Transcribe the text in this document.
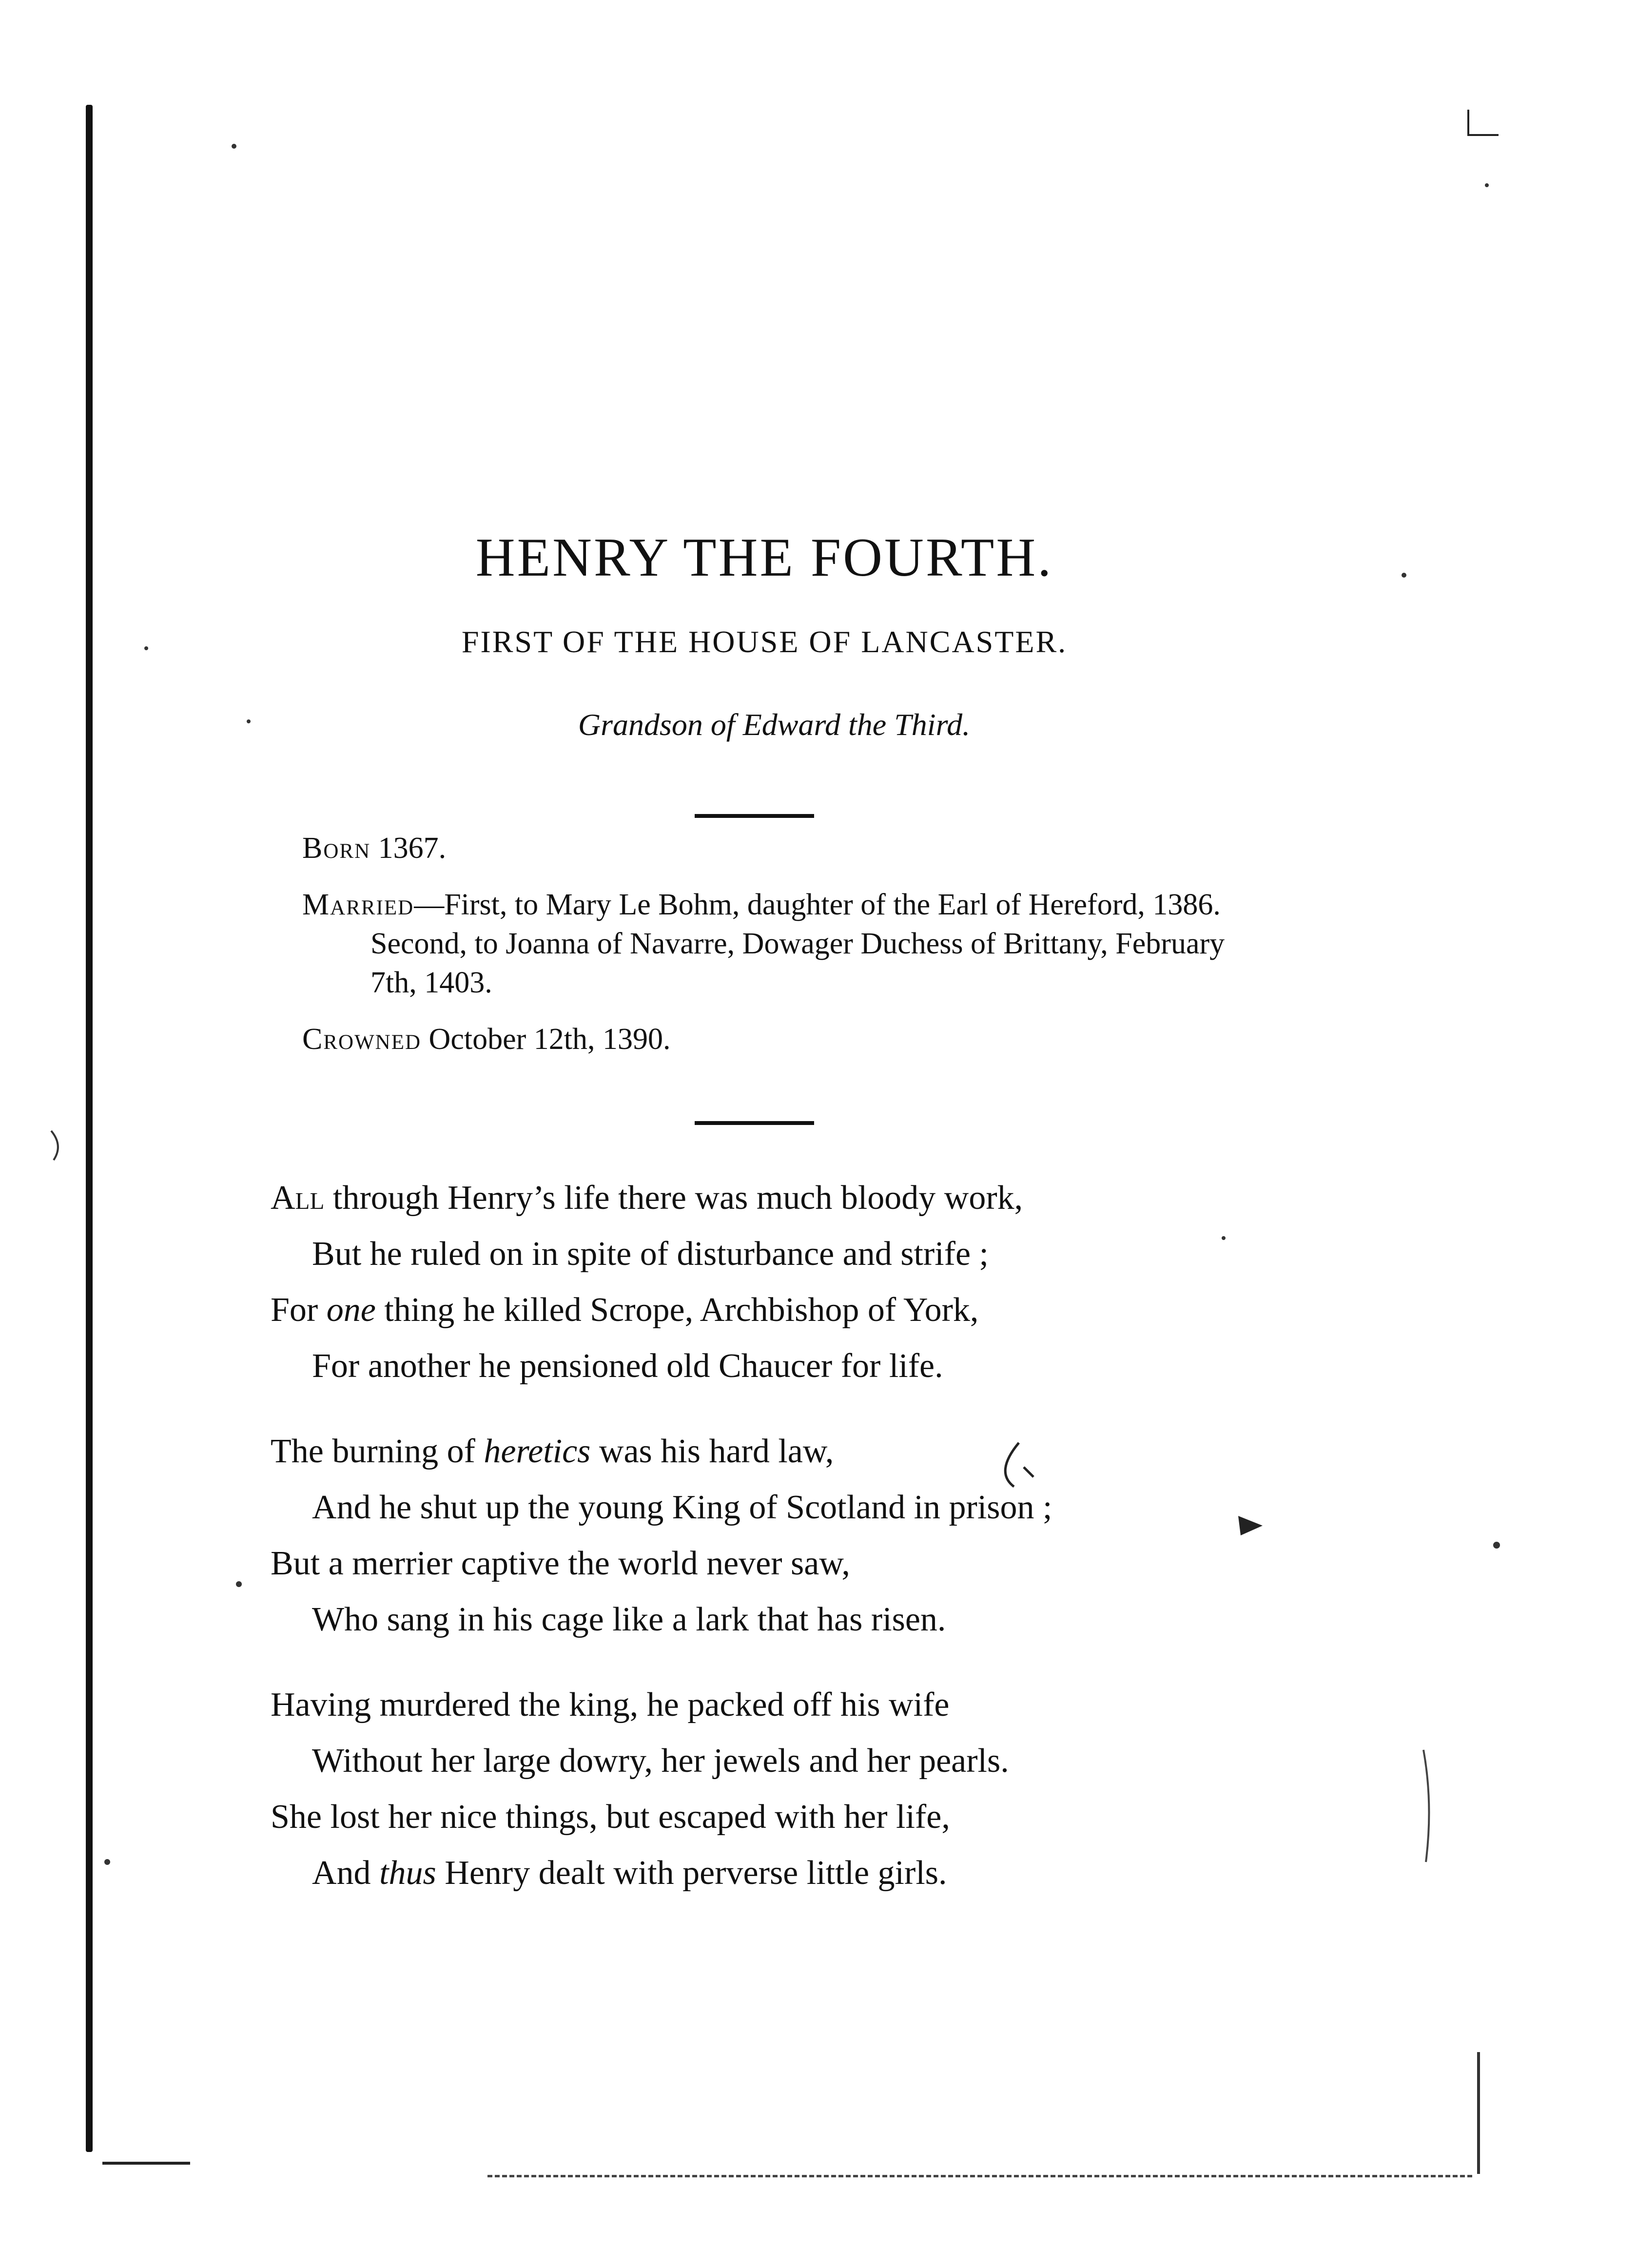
HENRY THE FOURTH.
FIRST OF THE HOUSE OF LANCASTER.
Grandson of Edward the Third.

Born 1367.

Married—First, to Mary Le Bohm, daughter of the Earl of Hereford, 1386. Second, to Joanna of Navarre, Dowager Duchess of Brittany, February 7th, 1403.

Crowned October 12th, 1390.

All through Henry’s life there was much bloody work,
But he ruled on in spite of disturbance and strife ;
For one thing he killed Scrope, Archbishop of York,
For another he pensioned old Chaucer for life.
The burning of heretics was his hard law,
And he shut up the young King of Scotland in prison ;
But a merrier captive the world never saw,
Who sang in his cage like a lark that has risen.
Having murdered the king, he packed off his wife
Without her large dowry, her jewels and her pearls.
She lost her nice things, but escaped with her life,
And thus Henry dealt with perverse little girls.
